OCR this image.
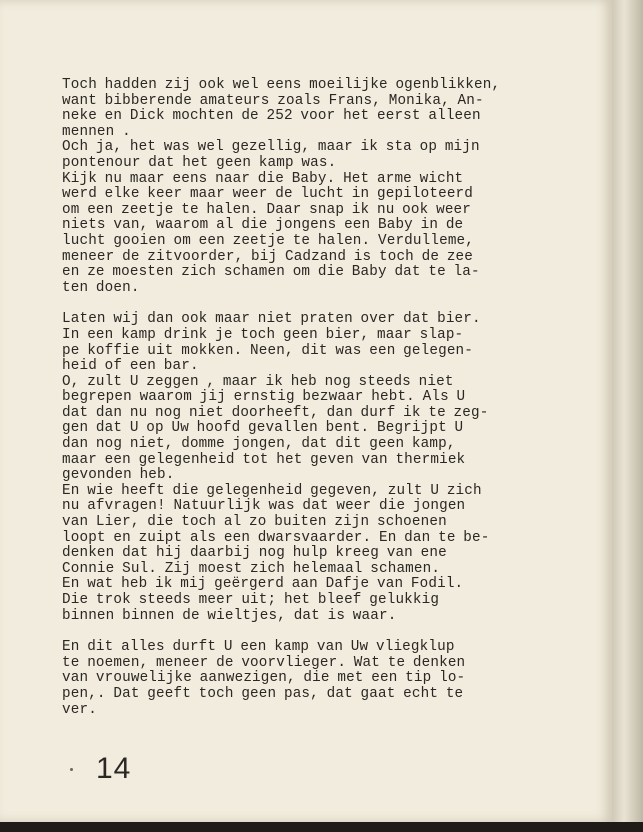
Toch hadden zij ook wel eens moeilijke ogenblikken,
want bibberende amateurs zoals Frans, Monika, An-
neke en Dick mochten de 252 voor het eerst alleen
mennen .
Och ja, het was wel gezellig, maar ik sta op mijn
pontenour dat het geen kamp was.
Kijk nu maar eens naar die Baby. Het arme wicht
werd elke keer maar weer de lucht in gepiloteerd
om een zeetje te halen. Daar snap ik nu ook weer
niets van, waarom al die jongens een Baby in de
lucht gooien om een zeetje te halen. Verdulleme,
meneer de zitvoorder, bij Cadzand is toch de zee
en ze moesten zich schamen om die Baby dat te la-
ten doen.
Laten wij dan ook maar niet praten over dat bier.
In een kamp drink je toch geen bier, maar slap-
pe koffie uit mokken. Neen, dit was een gelegen-
heid of een bar.
O, zult U zeggen , maar ik heb nog steeds niet
begrepen waarom jij ernstig bezwaar hebt. Als U
dat dan nu nog niet doorheeft, dan durf ik te zeg-
gen dat U op Uw hoofd gevallen bent. Begrijpt U
dan nog niet, domme jongen, dat dit geen kamp,
maar een gelegenheid tot het geven van thermiek
gevonden heb.
En wie heeft die gelegenheid gegeven, zult U zich
nu afvragen! Natuurlijk was dat weer die jongen
van Lier, die toch al zo buiten zijn schoenen
loopt en zuipt als een dwarsvaarder. En dan te be-
denken dat hij daarbij nog hulp kreeg van ene
Connie Sul. Zij moest zich helemaal schamen.
En wat heb ik mij geërgerd aan Dafje van Fodil.
Die trok steeds meer uit; het bleef gelukkig
binnen binnen de wieltjes, dat is waar.
En dit alles durft U een kamp van Uw vliegklup
te noemen, meneer de voorvlieger. Wat te denken
van vrouwelijke aanwezigen, die met een tip lo-
pen,. Dat geeft toch geen pas, dat gaat echt te
ver.
14
